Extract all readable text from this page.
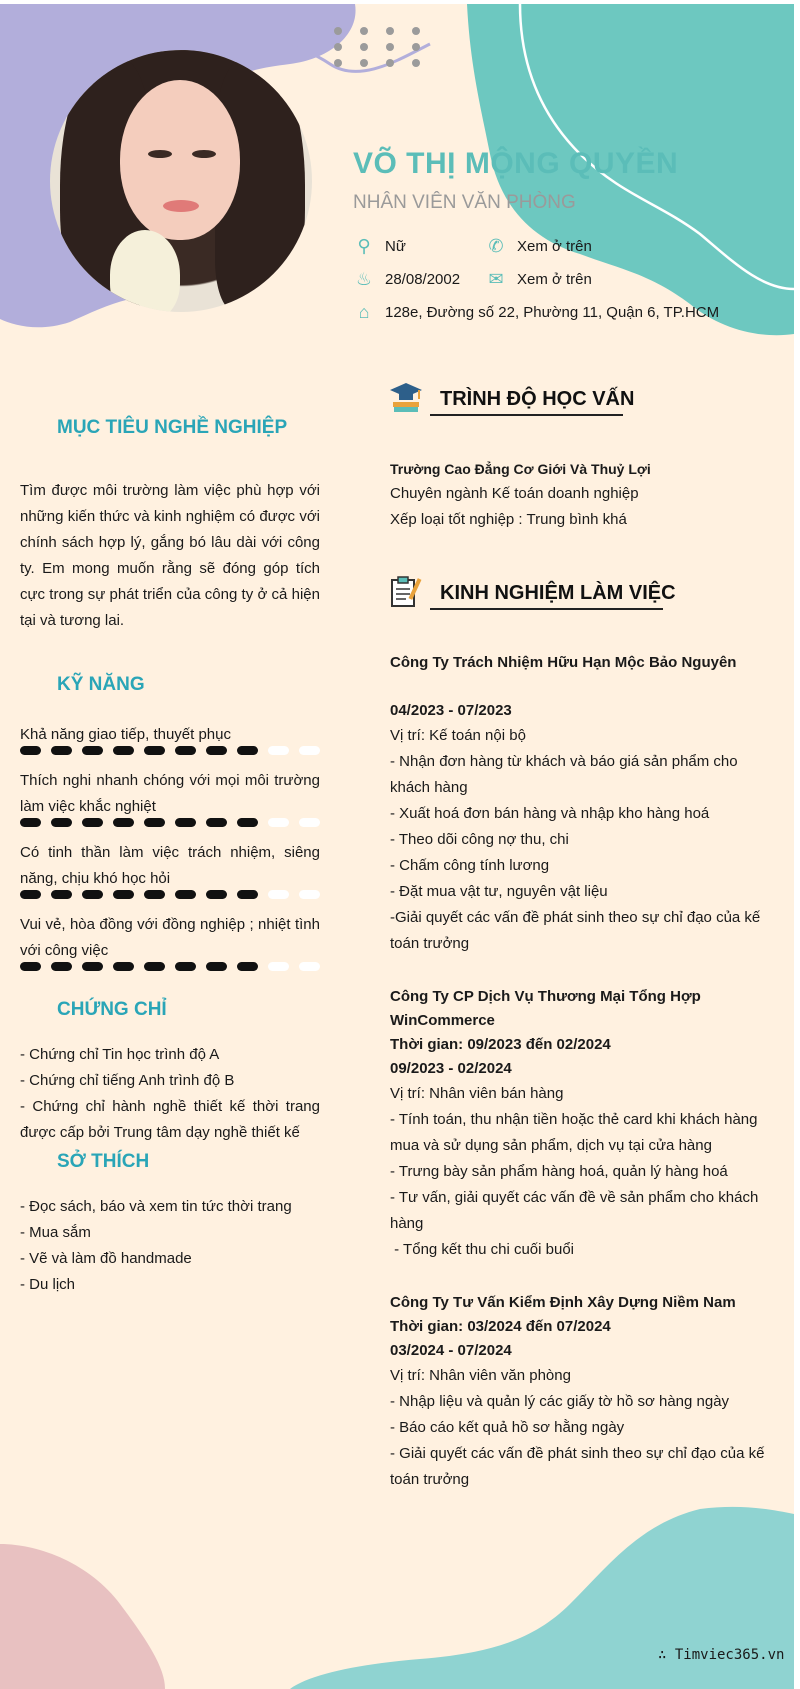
VÕ THỊ MỘNG QUYỀN
NHÂN VIÊN VĂN PHÒNG
⚲ Nữ	✆ Xem ở trên
♨ 28/08/2002 ✉ Xem ở trên
⌂	128e, Đường số 22, Phường 11, Quận 6, TP.HCM
MỤC TIÊU NGHỀ NGHIỆP

Tìm được môi trường làm việc phù hợp với những kiến thức và kinh nghiệm có được với chính sách hợp lý, gắng bó lâu dài với công ty. Em mong muốn rằng sẽ đóng góp tích cực trong sự phát triển của công ty ở cả hiện tại và tương lai.

KỸ NĂNG

Khả năng giao tiếp, thuyết phục

Thích nghi nhanh chóng với mọi môi trường làm việc khắc nghiệt

Có tinh thần làm việc trách nhiệm, siêng năng, chịu khó học hỏi

Vui vẻ, hòa đồng với đồng nghiệp ; nhiệt tình với công việc

CHỨNG CHỈ

- Chứng chỉ Tin học trình độ A

- Chứng chỉ tiếng Anh trình độ B

- Chứng chỉ hành nghề thiết kế thời trang được cấp bởi Trung tâm dạy nghề thiết kế

SỞ THÍCH

- Đọc sách, báo và xem tin tức thời trang

- Mua sắm

- Vẽ và làm đồ handmade

- Du lịch

TRÌNH ĐỘ HỌC VẤN

Trường Cao Đẳng Cơ Giới Và Thuỷ Lợi

Chuyên ngành Kế toán doanh nghiệp

Xếp loại tốt nghiệp : Trung bình khá

KINH NGHIỆM LÀM VIỆC

Công Ty Trách Nhiệm Hữu Hạn Mộc Bảo Nguyên

04/2023 - 07/2023

Vị trí: Kế toán nội bộ

- Nhận đơn hàng từ khách và báo giá sản phẩm cho khách hàng

- Xuất hoá đơn bán hàng và nhập kho hàng hoá

- Theo dõi công nợ thu, chi

- Chấm công tính lương

- Đặt mua vật tư, nguyên vật liệu

-Giải quyết các vấn đề phát sinh theo sự chỉ đạo của kế toán trưởng

Công Ty CP Dịch Vụ Thương Mại Tổng Hợp WinCommerce

Thời gian: 09/2023 đến 02/2024

09/2023 - 02/2024

Vị trí: Nhân viên bán hàng

- Tính toán, thu nhận tiền hoặc thẻ card khi khách hàng mua và sử dụng sản phẩm, dịch vụ tại cửa hàng

- Trưng bày sản phẩm hàng hoá, quản lý hàng hoá

- Tư vấn, giải quyết các vấn đề về sản phẩm cho khách hàng

- Tổng kết thu chi cuối buổi

Công Ty Tư Vấn Kiểm Định Xây Dựng Niềm Nam

Thời gian: 03/2024 đến 07/2024

03/2024 - 07/2024

Vị trí: Nhân viên văn phòng

- Nhập liệu và quản lý các giấy tờ hồ sơ hàng ngày

- Báo cáo kết quả hồ sơ hằng ngày

- Giải quyết các vấn đề phát sinh theo sự chỉ đạo của kế toán trưởng

∴ Timviec365.vn
